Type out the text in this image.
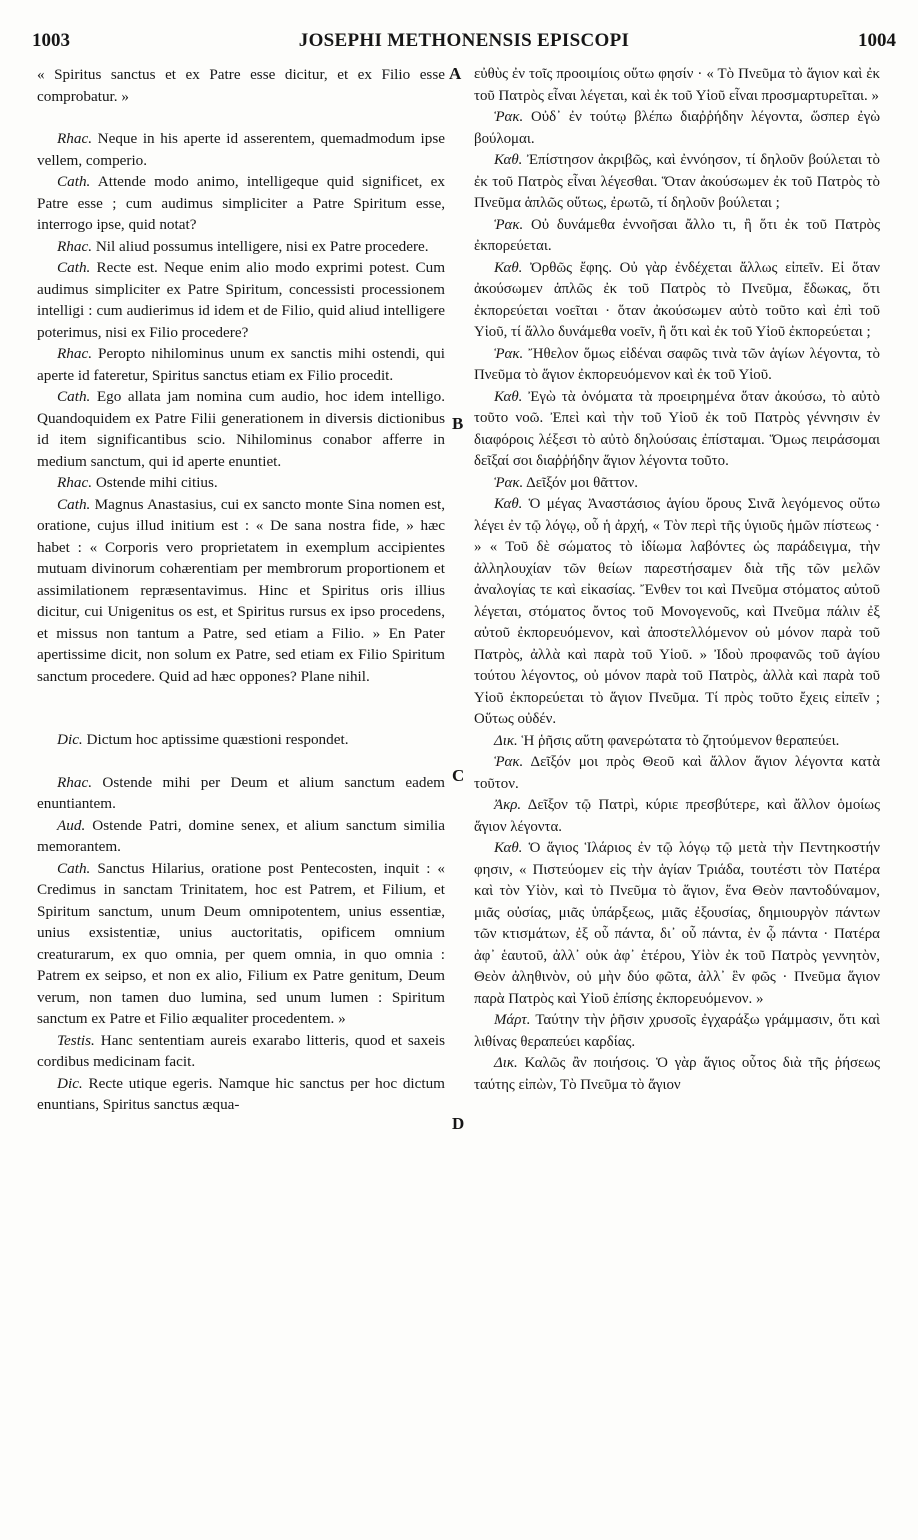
1003	JOSEPHI METHONENSIS EPISCOPI	1004

« Spiritus sanctus et ex Patre esse dicitur, et ex Filio esse comprobatur. »

Rhac. Neque in his aperte id asserentem, quemadmodum ipse vellem, comperio.

Cath. Attende modo animo, intelligeque quid significet, ex Patre esse ; cum audimus simpliciter a Patre Spiritum esse, interrogo ipse, quid notat?

Rhac. Nil aliud possumus intelligere, nisi ex Patre procedere.

Cath. Recte est. Neque enim alio modo exprimi potest. Cum audimus simpliciter ex Patre Spiritum, concessisti processionem intelligi : cum audierimus id idem et de Filio, quid aliud intelligere poterimus, nisi ex Filio procedere?

Rhac. Peropto nihilominus unum ex sanctis mihi ostendi, qui aperte id fateretur, Spiritus sanctus etiam ex Filio procedit.

Cath. Ego allata jam nomina cum audio, hoc idem intelligo. Quandoquidem ex Patre Filii generationem in diversis dictionibus id item significantibus scio. Nihilominus conabor afferre in medium sanctum, qui id aperte enuntiet.

Rhac. Ostende mihi citius.

Cath. Magnus Anastasius, cui ex sancto monte Sina nomen est, oratione, cujus illud initium est : « De sana nostra fide, » hæc habet : « Corporis vero proprietatem in exemplum accipientes mutuam divinorum cohærentiam per membrorum proportionem et assimilationem repræsentavimus. Hinc et Spiritus oris illius dicitur, cui Unigenitus os est, et Spiritus rursus ex ipso procedens, et missus non tantum a Patre, sed etiam a Filio. » En Pater apertissime dicit, non solum ex Patre, sed etiam ex Filio Spiritum sanctum procedere. Quid ad hæc oppones? Plane nihil.

Dic. Dictum hoc aptissime quæstioni respondet.

Rhac. Ostende mihi per Deum et alium sanctum eadem enuntiantem.

Aud. Ostende Patri, domine senex, et alium sanctum similia memorantem.

Cath. Sanctus Hilarius, oratione post Pentecosten, inquit : « Credimus in sanctam Trinitatem, hoc est Patrem, et Filium, et Spiritum sanctum, unum Deum omnipotentem, unius essentiæ, unius exsistentiæ, unius auctoritatis, opificem omnium creaturarum, ex quo omnia, per quem omnia, in quo omnia : Patrem ex seipso, et non ex alio, Filium ex Patre genitum, Deum verum, non tamen duo lumina, sed unum lumen : Spiritum sanctum ex Patre et Filio æqualiter procedentem. »

Testis. Hanc sententiam aureis exarabo litteris, quod et saxeis cordibus medicinam facit.

Dic. Recte utique egeris. Namque hic sanctus per hoc dictum enuntians, Spiritus sanctus æqua-

εὐθὺς ἐν τοῖς προοιμίοις οὕτω φησίν · « Τὸ Πνεῦμα τὸ ἅγιον καὶ ἐκ τοῦ Πατρὸς εἶναι λέγεται, καὶ ἐκ τοῦ Υἱοῦ εἶναι προσμαρτυρεῖται. »

Ῥακ. Οὐδ᾽ ἐν τούτῳ βλέπω διαῤῥήδην λέγοντα, ὥσπερ ἐγὼ βούλομαι.

Καθ. Ἐπίστησον ἀκριβῶς, καὶ ἐννόησον, τί δηλοῦν βούλεται τὸ ἐκ τοῦ Πατρὸς εἶναι λέγεσθαι. Ὅταν ἀκούσωμεν ἐκ τοῦ Πατρὸς τὸ Πνεῦμα ἁπλῶς οὕτως, ἐρωτῶ, τί δηλοῦν βούλεται ;

Ῥακ. Οὐ δυνάμεθα ἐννοῆσαι ἄλλο τι, ἢ ὅτι ἐκ τοῦ Πατρὸς ἐκπορεύεται.

Καθ. Ὀρθῶς ἔφης. Οὐ γὰρ ἐνδέχεται ἄλλως εἰπεῖν. Εἰ ὅταν ἀκούσωμεν ἁπλῶς ἐκ τοῦ Πατρὸς τὸ Πνεῦμα, ἔδωκας, ὅτι ἐκπορεύεται νοεῖται · ὅταν ἀκούσωμεν αὐτὸ τοῦτο καὶ ἐπὶ τοῦ Υἱοῦ, τί ἄλλο δυνάμεθα νοεῖν, ἢ ὅτι καὶ ἐκ τοῦ Υἱοῦ ἐκπορεύεται ;

Ῥακ. Ἤθελον ὅμως εἰδέναι σαφῶς τινὰ τῶν ἁγίων λέγοντα, τὸ Πνεῦμα τὸ ἅγιον ἐκπορευόμενον καὶ ἐκ τοῦ Υἱοῦ.

Καθ. Ἐγὼ τὰ ὀνόματα τὰ προειρημένα ὅταν ἀκούσω, τὸ αὐτὸ τοῦτο νοῶ. Ἐπεὶ καὶ τὴν τοῦ Υἱοῦ ἐκ τοῦ Πατρὸς γέννησιν ἐν διαφόροις λέξεσι τὸ αὐτὸ δηλούσαις ἐπίσταμαι. Ὅμως πειράσομαι δεῖξαί σοι διαῤῥήδην ἅγιον λέγοντα τοῦτο.

Ῥακ. Δεῖξόν μοι θᾶττον.

Καθ. Ὁ μέγας Ἀναστάσιος ἁγίου ὄρους Σινᾶ λεγόμενος οὕτω λέγει ἐν τῷ λόγῳ, οὗ ἡ ἀρχή, « Τὸν περὶ τῆς ὑγιοῦς ἡμῶν πίστεως · » « Τοῦ δὲ σώματος τὸ ἰδίωμα λαβόντες ὡς παράδειγμα, τὴν ἀλληλουχίαν τῶν θείων παρεστήσαμεν διὰ τῆς τῶν μελῶν ἀναλογίας τε καὶ εἰκασίας. Ἔνθεν τοι καὶ Πνεῦμα στόματος αὐτοῦ λέγεται, στόματος ὄντος τοῦ Μονογενοῦς, καὶ Πνεῦμα πάλιν ἐξ αὐτοῦ ἐκπορευόμενον, καὶ ἀποστελλόμενον οὐ μόνον παρὰ τοῦ Πατρὸς, ἀλλὰ καὶ παρὰ τοῦ Υἱοῦ. » Ἰδοὺ προφανῶς τοῦ ἁγίου τούτου λέγοντος, οὐ μόνον παρὰ τοῦ Πατρὸς, ἀλλὰ καὶ παρὰ τοῦ Υἱοῦ ἐκπορεύεται τὸ ἅγιον Πνεῦμα. Τί πρὸς τοῦτο ἔχεις εἰπεῖν ; Οὕτως οὐδέν.

Δικ. Ἡ ῥῆσις αὕτη φανερώτατα τὸ ζητούμενον θεραπεύει.

Ῥακ. Δεῖξόν μοι πρὸς Θεοῦ καὶ ἄλλον ἅγιον λέγοντα κατὰ τοῦτον.

Ἀκρ. Δεῖξον τῷ Πατρὶ, κύριε πρεσβύτερε, καὶ ἄλλον ὁμοίως ἅγιον λέγοντα.

Καθ. Ὁ ἅγιος Ἱλάριος ἐν τῷ λόγῳ τῷ μετὰ τὴν Πεντηκοστήν φησιν, « Πιστεύομεν εἰς τὴν ἁγίαν Τριάδα, τουτέστι τὸν Πατέρα καὶ τὸν Υἱὸν, καὶ τὸ Πνεῦμα τὸ ἅγιον, ἕνα Θεὸν παντοδύναμον, μιᾶς οὐσίας, μιᾶς ὑπάρξεως, μιᾶς ἐξουσίας, δημιουργὸν πάντων τῶν κτισμάτων, ἐξ οὗ πάντα, δι᾽ οὗ πάντα, ἐν ᾧ πάντα · Πατέρα ἀφ᾽ ἑαυτοῦ, ἀλλ᾽ οὐκ ἀφ᾽ ἑτέρου, Υἱὸν ἐκ τοῦ Πατρὸς γεννητὸν, Θεὸν ἀληθινὸν, οὐ μὴν δύο φῶτα, ἀλλ᾽ ἓν φῶς · Πνεῦμα ἅγιον παρὰ Πατρὸς καὶ Υἱοῦ ἐπίσης ἐκπορευόμενον. »

Μάρτ. Ταύτην τὴν ῥῆσιν χρυσοῖς ἐγχαράξω γράμμασιν, ὅτι καὶ λιθίνας θεραπεύει καρδίας.

Δικ. Καλῶς ἂν ποιήσοις. Ὁ γὰρ ἅγιος οὗτος διὰ τῆς ῥήσεως ταύτης εἰπὼν, Τὸ Πνεῦμα τὸ ἅγιον

A
B
C
D
